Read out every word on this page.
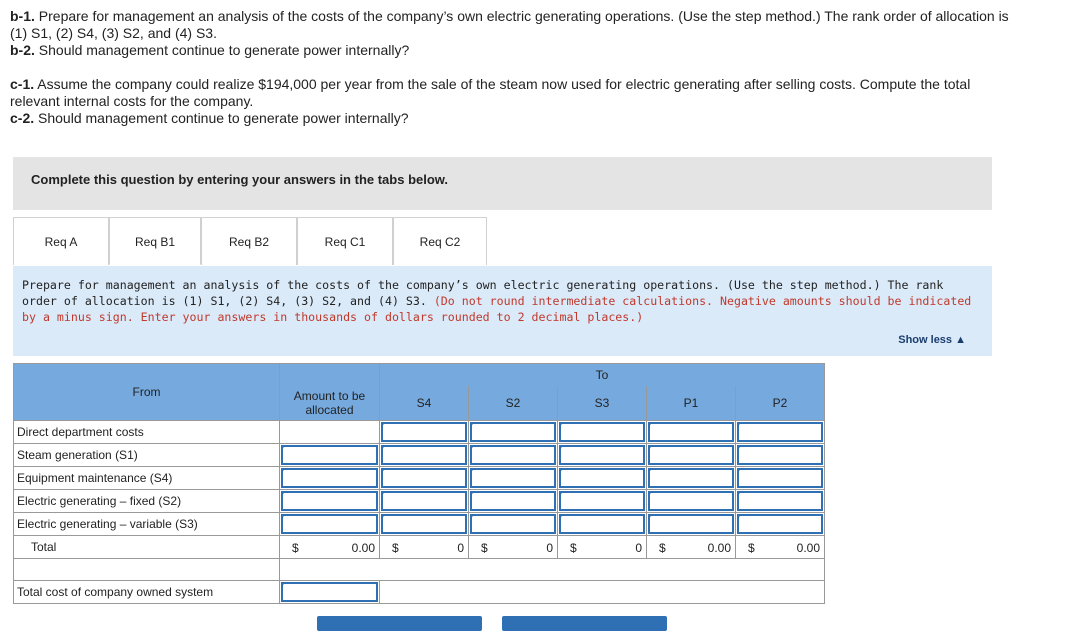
b-1. Prepare for management an analysis of the costs of the company’s own electric generating operations. (Use the step method.) The rank order of allocation is (1) S1, (2) S4, (3) S2, and (4) S3.

b-2. Should management continue to generate power internally?

c-1. Assume the company could realize $194,000 per year from the sale of the steam now used for electric generating after selling costs. Compute the total relevant internal costs for the company.

c-2. Should management continue to generate power internally?

Complete this question by entering your answers in the tabs below.
Req A	Req B1	Req B2	Req C1	Req C2
Prepare for management an analysis of the costs of the company’s own electric generating operations. (Use the step method.) The rank order of allocation is (1) S1, (2) S4, (3) S2, and (4) S3. (Do not round intermediate calculations. Negative amounts should be indicated by a minus sign. Enter your answers in thousands of dollars rounded to 2 decimal places.)
Show less ▲
From		To				
	Amount to be allocated	S4	S2	S3	P1	P2
Direct department costs		

Steam generation (S1)	

Equipment maintenance (S4)	

Electric generating – fixed (S2)	

Electric generating – variable (S3)	

Total	$ 0.00	$ 0	$ 0	$ 0	$ 0.00	$ 0.00

Total cost of company owned system					
